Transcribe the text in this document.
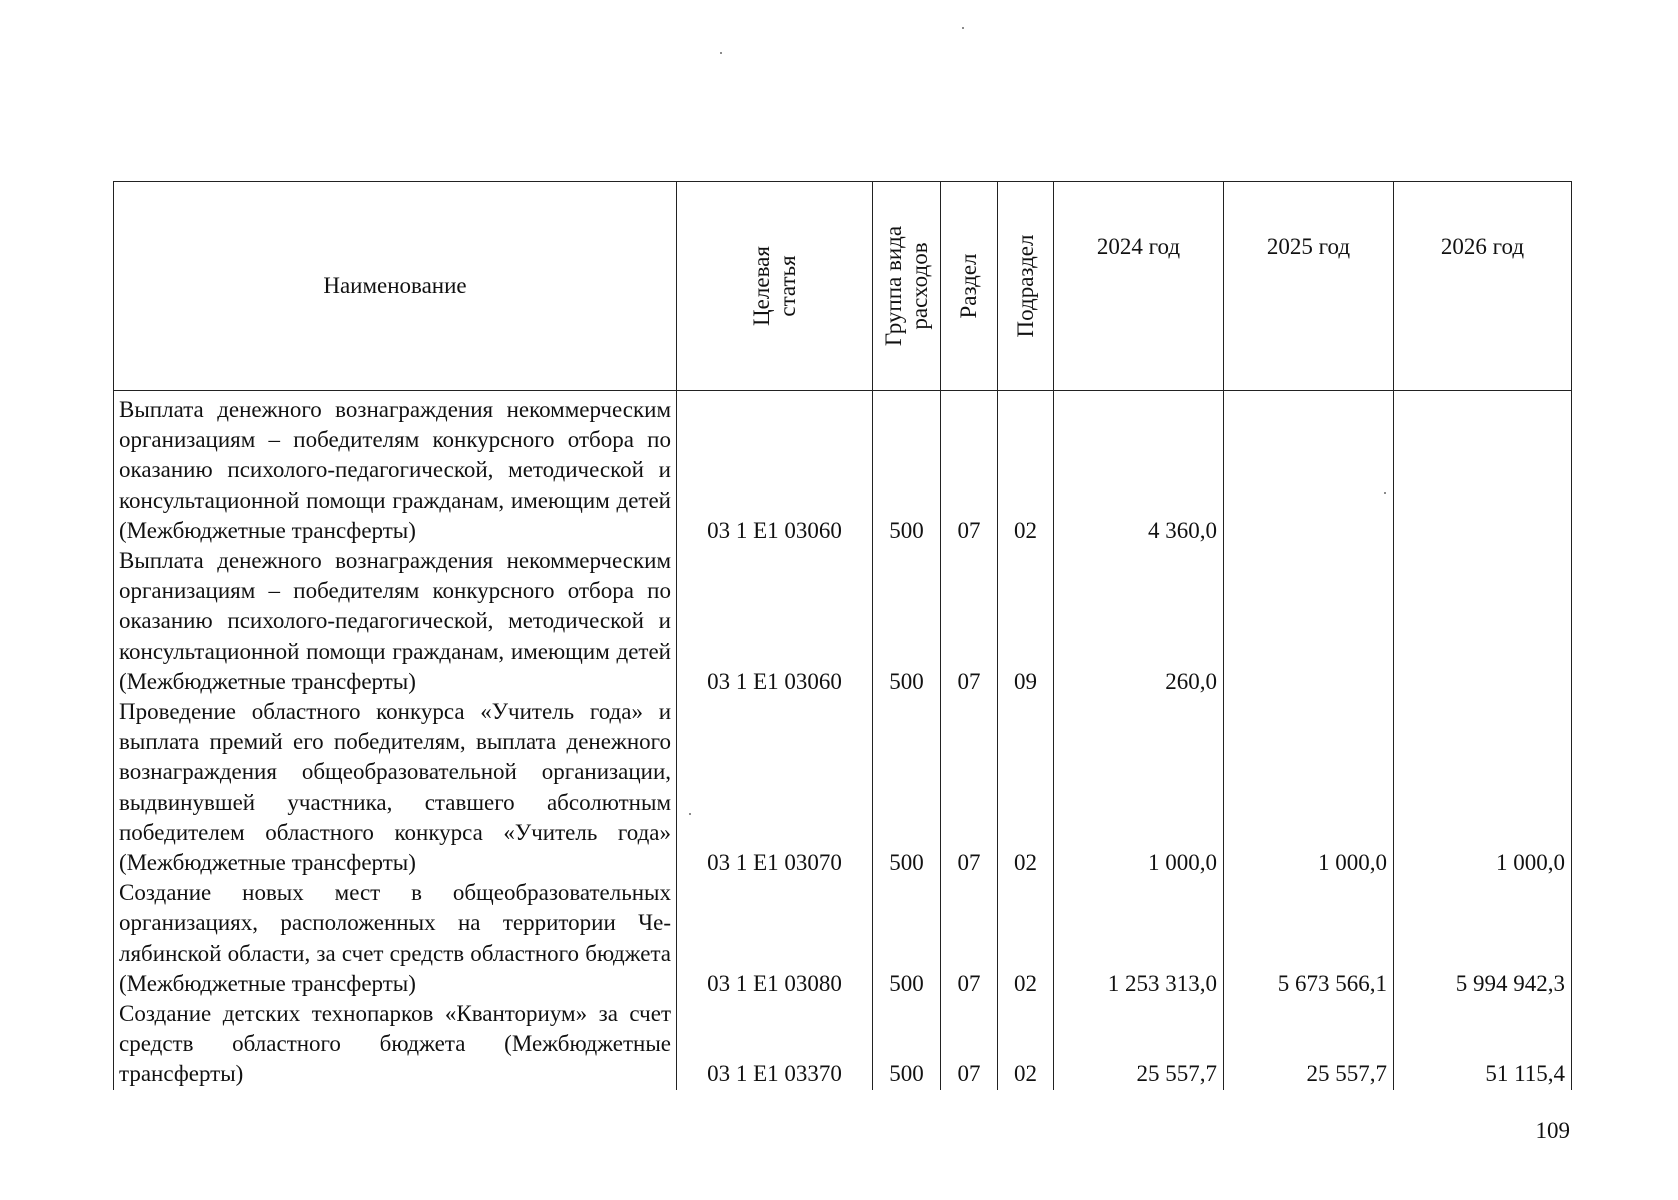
Наименование	Целевая статья	Группа вида расходов	Раздел	Подраздел	2024 год	2025 год	2026 год
Выплата денежного вознаграждения некоммерческим организациям – победителям конкурсного отбора по оказанию психолого-педагогической, методической и консультационной помощи гражданам, имеющим детей (Межбюджетные трансферты)	03 1 Е1 03060	500	07	02	4 360,0		
Выплата денежного вознаграждения некоммерческим организациям – победителям конкурсного отбора по оказанию психолого-педагогической, методической и консультационной помощи гражданам, имеющим детей (Межбюджетные трансферты)	03 1 Е1 03060	500	07	09	260,0		
Проведение областного конкурса «Учитель года» и выплата премий его победителям, выплата денежного вознаграждения общеобразовательной организации, выдвинувшей участника, ставшего абсолютным победителем областного конкурса «Учитель года» (Межбюджетные трансферты)	03 1 Е1 03070	500	07	02	1 000,0	1 000,0	1 000,0
Создание новых мест в общеобразовательных организациях, расположенных на территории Челябинской области, за счет средств областного бюджета (Межбюджетные трансферты)	03 1 Е1 03080	500	07	02	1 253 313,0	5 673 566,1	5 994 942,3
Создание детских технопарков «Кванториум» за счет средств областного бюджета (Межбюджетные трансферты)	03 1 Е1 03370	500	07	02	25 557,7	25 557,7	51 115,4
109
